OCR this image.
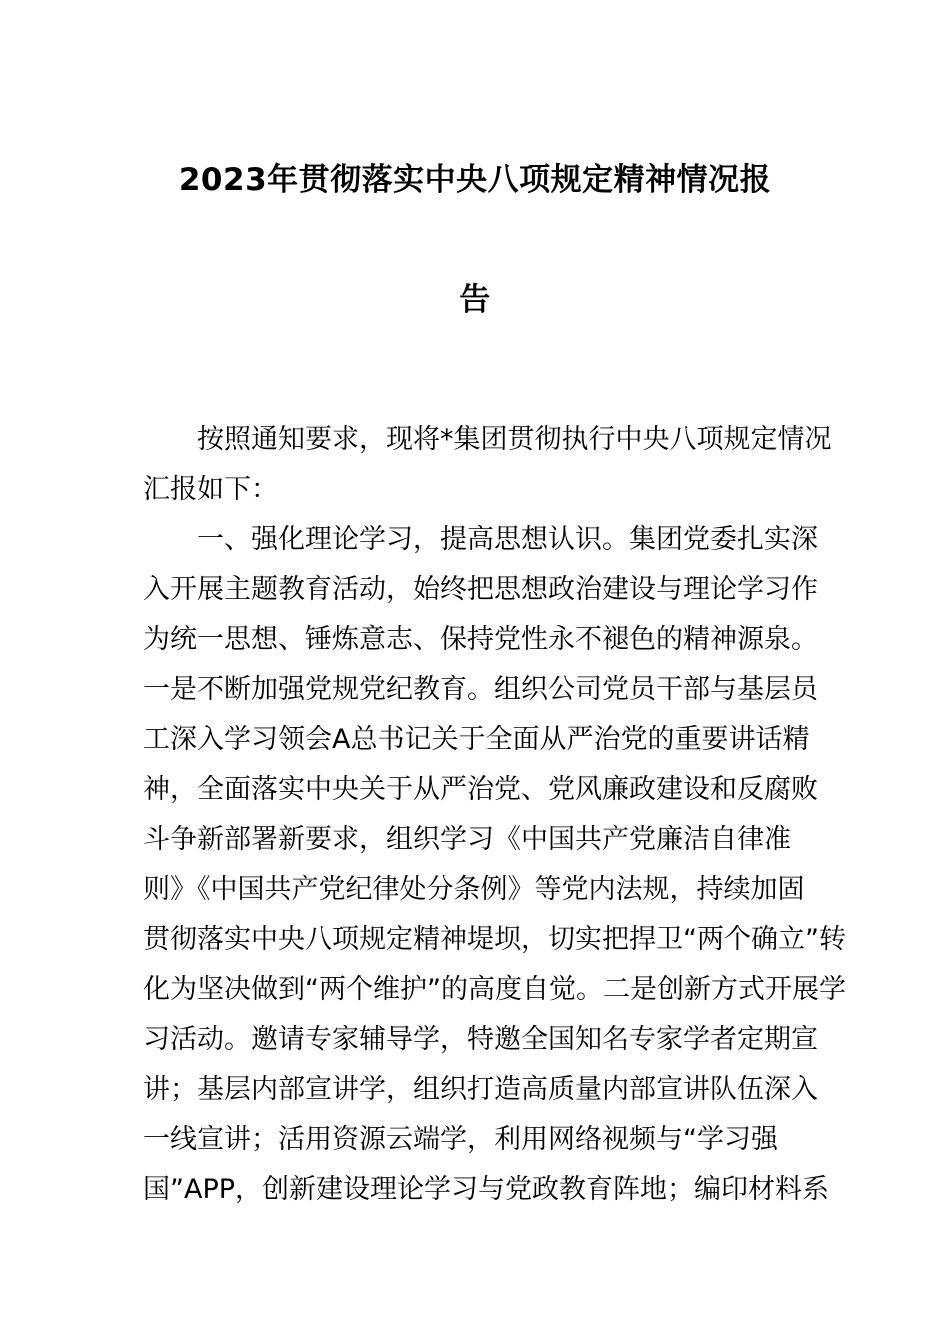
2023年贯彻落实中央八项规定精神情况报
告

按照通知要求，现将*集团贯彻执行中央八项规定情况

汇报如下：

一、强化理论学习，提高思想认识。集团党委扎实深

入开展主题教育活动，始终把思想政治建设与理论学习作

为统一思想、锤炼意志、保持党性永不褪色的精神源泉。

一是不断加强党规党纪教育。组织公司党员干部与基层员

工深入学习领会A总书记关于全面从严治党的重要讲话精

神，全面落实中央关于从严治党、党风廉政建设和反腐败

斗争新部署新要求，组织学习《中国共产党廉洁自律准

则》《中国共产党纪律处分条例》等党内法规，持续加固

贯彻落实中央八项规定精神堤坝，切实把捍卫“两个确立”转

化为坚决做到“两个维护”的高度自觉。二是创新方式开展学

习活动。邀请专家辅导学，特邀全国知名专家学者定期宣

讲；基层内部宣讲学，组织打造高质量内部宣讲队伍深入

一线宣讲；活用资源云端学，利用网络视频与“学习强

国”APP，创新建设理论学习与党政教育阵地；编印材料系
